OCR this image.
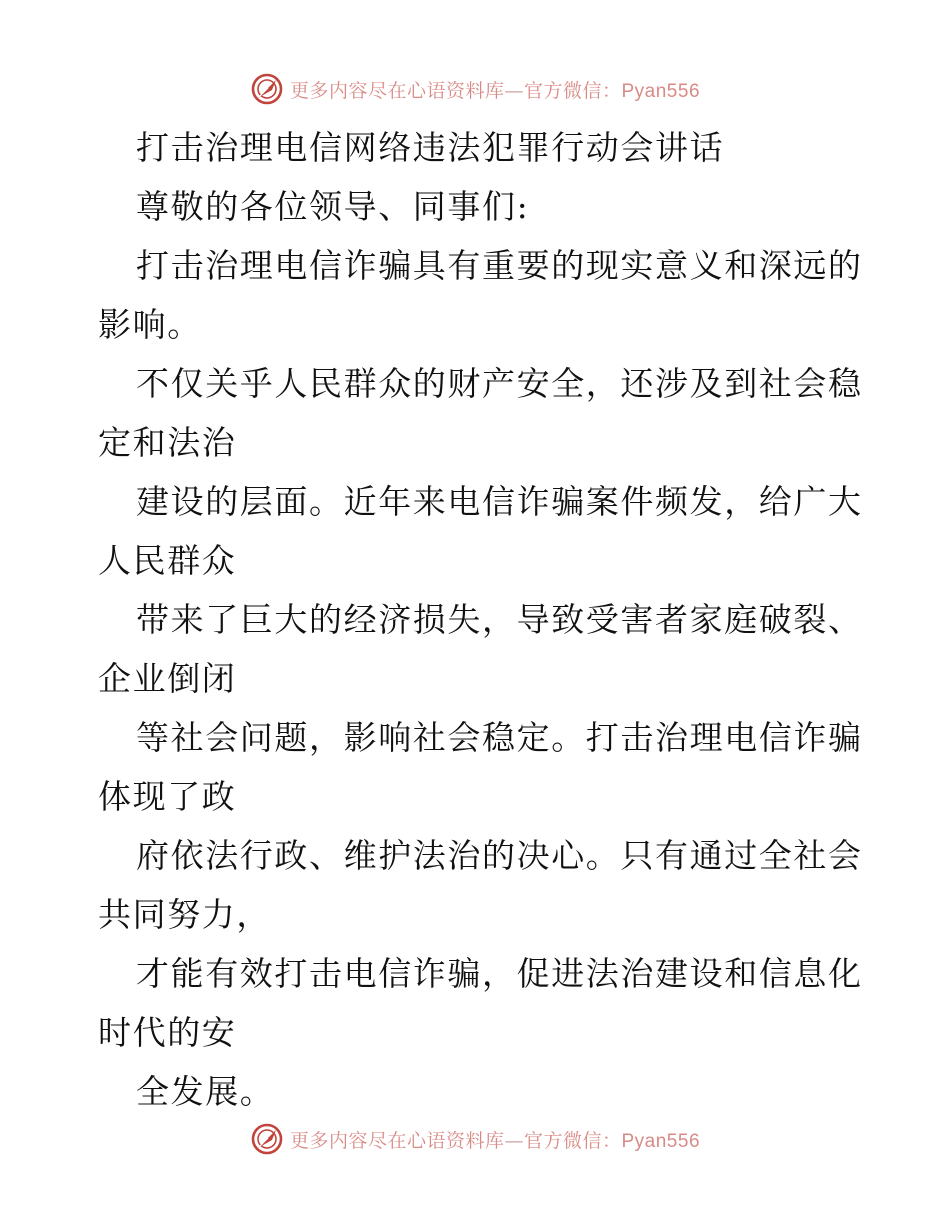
更多内容尽在心语资料库—官方微信：Pyan556
打击治理电信网络违法犯罪行动会讲话
尊敬的各位领导、同事们:
打击治理电信诈骗具有重要的现实意义和深远的
影响。
不仅关乎人民群众的财产安全，还涉及到社会稳
定和法治
建设的层面。近年来电信诈骗案件频发，给广大
人民群众
带来了巨大的经济损失，导致受害者家庭破裂、
企业倒闭
等社会问题，影响社会稳定。打击治理电信诈骗
体现了政
府依法行政、维护法治的决心。只有通过全社会
共同努力，
才能有效打击电信诈骗，促进法治建设和信息化
时代的安
全发展。
更多内容尽在心语资料库—官方微信：Pyan556
